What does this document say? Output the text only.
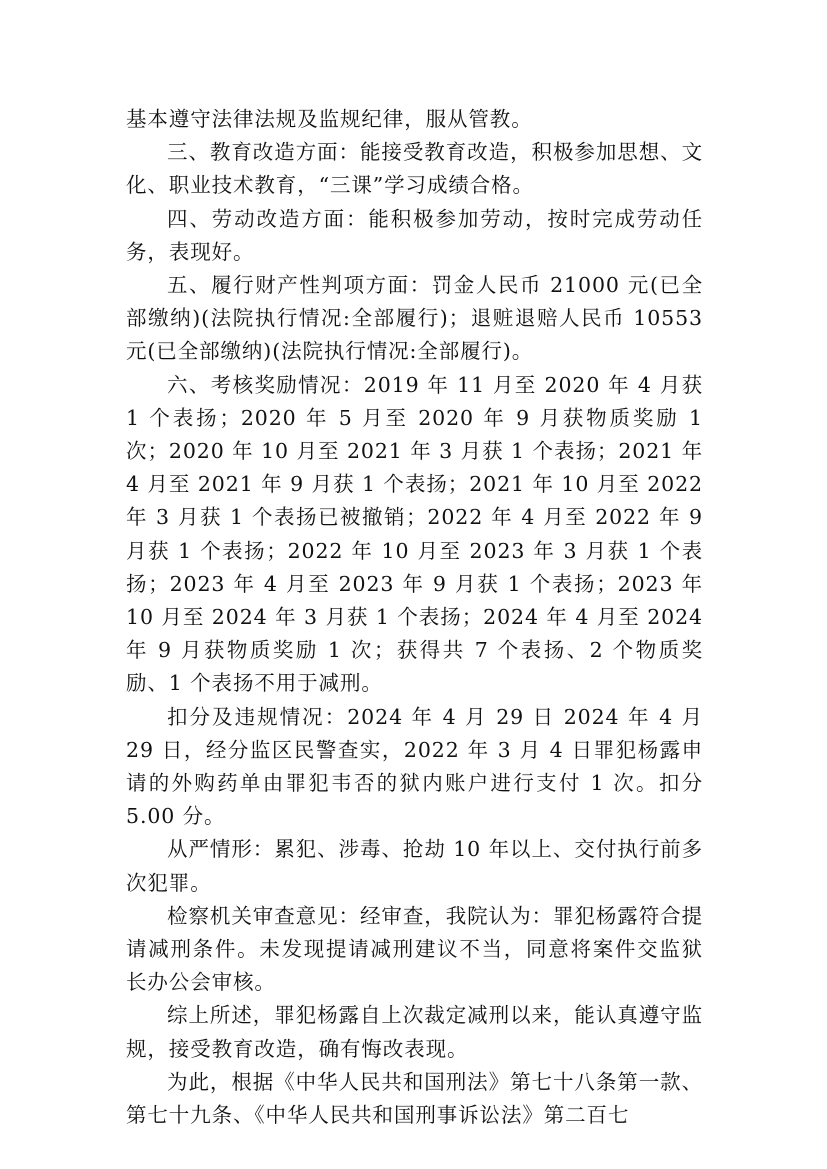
基本遵守法律法规及监规纪律，服从管教。

三、教育改造方面：能接受教育改造，积极参加思想、文化、职业技术教育，“三课”学习成绩合格。

四、劳动改造方面：能积极参加劳动，按时完成劳动任务，表现好。

五、履行财产性判项方面：罚金人民币 21000 元(已全部缴纳)(法院执行情况:全部履行)；退赃退赔人民币 10553 元(已全部缴纳)(法院执行情况:全部履行)。

六、考核奖励情况：2019 年 11 月至 2020 年 4 月获 1 个表扬；2020 年 5 月至 2020 年 9 月获物质奖励 1 次；2020 年 10 月至 2021 年 3 月获 1 个表扬；2021 年 4 月至 2021 年 9 月获 1 个表扬；2021 年 10 月至 2022 年 3 月获 1 个表扬已被撤销；2022 年 4 月至 2022 年 9 月获 1 个表扬；2022 年 10 月至 2023 年 3 月获 1 个表扬；2023 年 4 月至 2023 年 9 月获 1 个表扬；2023 年 10 月至 2024 年 3 月获 1 个表扬；2024 年 4 月至 2024 年 9 月获物质奖励 1 次；获得共 7 个表扬、2 个物质奖励、1 个表扬不用于减刑。

扣分及违规情况：2024 年 4 月 29 日 2024 年 4 月 29 日，经分监区民警查实，2022 年 3 月 4 日罪犯杨露申请的外购药单由罪犯韦否的狱内账户进行支付 1 次。扣分 5.00 分。

从严情形：累犯、涉毒、抢劫 10 年以上、交付执行前多次犯罪。

检察机关审查意见：经审查，我院认为：罪犯杨露符合提请减刑条件。未发现提请减刑建议不当，同意将案件交监狱长办公会审核。

综上所述，罪犯杨露自上次裁定减刑以来，能认真遵守监规，接受教育改造，确有悔改表现。

为此，根据《中华人民共和国刑法》第七十八条第一款、第七十九条、《中华人民共和国刑事诉讼法》第二百七
